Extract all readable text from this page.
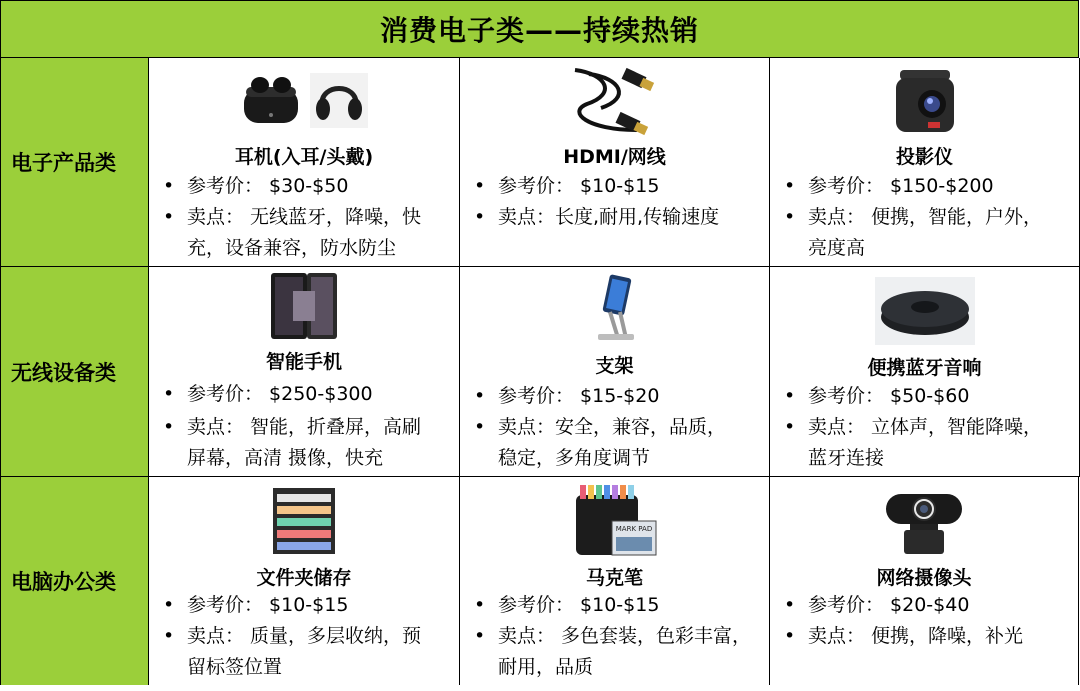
消费电子类——持续热销
电子产品类
无线设备类
电脑办公类
耳机(入耳/头戴)
• 参考价： $30-$50
• 卖点： 无线蓝牙，降噪，快
充，设备兼容，防水防尘
HDMI/网线
• 参考价： $10-$15
• 卖点：长度,耐用,传输速度
投影仪
• 参考价： $150-$200
• 卖点： 便携，智能，户外，
亮度高
智能手机
• 参考价： $250-$300
• 卖点： 智能，折叠屏，高刷
屏幕，高清 摄像，快充
支架
• 参考价： $15-$20
• 卖点：安全，兼容，品质，
稳定，多角度调节
便携蓝牙音响
• 参考价： $50-$60
• 卖点： 立体声，智能降噪，
蓝牙连接
文件夹储存
• 参考价： $10-$15
• 卖点： 质量，多层收纳，预
留标签位置
MARK PAD
马克笔
• 参考价： $10-$15
• 卖点： 多色套装，色彩丰富，
耐用，品质
网络摄像头
• 参考价： $20-$40
• 卖点： 便携，降噪，补光
